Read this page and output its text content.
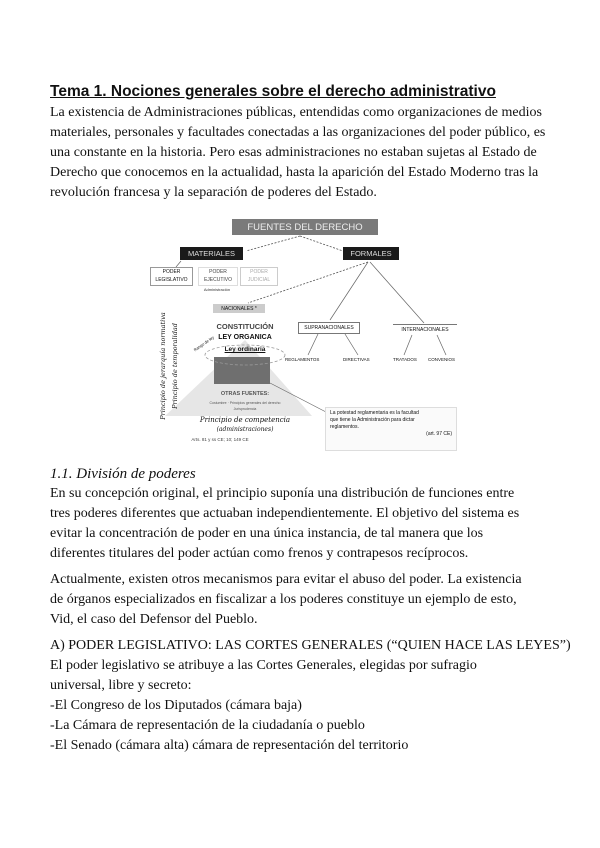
Tema 1. Nociones generales sobre el derecho administrativo
La existencia de Administraciones públicas, entendidas como organizaciones de medios
materiales, personales y facultades conectadas a las organizaciones del poder público, es
una constante en la historia. Pero esas administraciones no estaban sujetas al Estado de
Derecho que conocemos en la actualidad, hasta la aparición del Estado Moderno tras la
revolución francesa y la separación de poderes del Estado.
FUENTES DEL DERECHO
MATERIALES	FORMALES
PODER
LEGISLATIVO
PODER
EJECUTIVO
PODER
JUDICIAL
Administración
NACIONALES *
CONSTITUCIÓN
LEY ORGANICA
Ley ordinaria
Rango de ley
OTRAS FUENTES:
Costumbre · Principios generales del derecho
Jurisprudencia
Principio de competencia
(administraciones)
Arts. 81 y ss CE; 10; 149 CE
Principio de jerarquía normativa Principio de temporalidad	SUPRANACIONALES	INTERNACIONALES
REGLAMENTOS	DIRECTIVAS	TRATADOS CONVENIOS
La potestad reglamentaria es la facultad
que tiene la Administración para dictar
reglamentos.
(art. 97 CE)
1.1. División de poderes
En su concepción original, el principio suponía una distribución de funciones entre
tres poderes diferentes que actuaban independientemente. El objetivo del sistema es
evitar la concentración de poder en una única instancia, de tal manera que los
diferentes titulares del poder actúan como frenos y contrapesos recíprocos.
Actualmente, existen otros mecanismos para evitar el abuso del poder. La existencia
de órganos especializados en fiscalizar a los poderes constituye un ejemplo de esto,
Vid, el caso del Defensor del Pueblo.
A) PODER LEGISLATIVO: LAS CORTES GENERALES (“QUIEN HACE LAS LEYES”)
El poder legislativo se atribuye a las Cortes Generales, elegidas por sufragio
universal, libre y secreto:
-El Congreso de los Diputados (cámara baja)
-La Cámara de representación de la ciudadanía o pueblo
-El Senado (cámara alta) cámara de representación del territorio
